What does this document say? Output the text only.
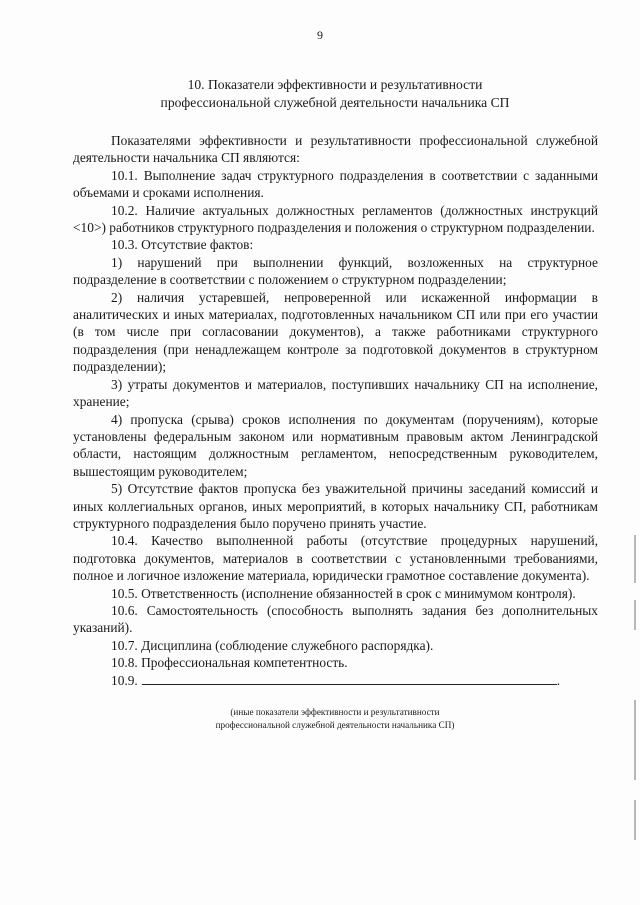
9
10. Показатели эффективности и результативности
профессиональной служебной деятельности начальника СП

Показателями эффективности и результативности профессиональной служебной деятельности начальника СП являются:

10.1. Выполнение задач структурного подразделения в соответствии с заданными объемами и сроками исполнения.

10.2. Наличие актуальных должностных регламентов (должностных инструкций <10>) работников структурного подразделения и положения о структурном подразделении.

10.3. Отсутствие фактов:

1) нарушений при выполнении функций, возложенных на структурное подразделение в соответствии с положением о структурном подразделении;

2) наличия устаревшей, непроверенной или искаженной информации в аналитических и иных материалах, подготовленных начальником СП или при его участии (в том числе при согласовании документов), а также работниками структурного подразделения (при ненадлежащем контроле за подготовкой документов в структурном подразделении);

3) утраты документов и материалов, поступивших начальнику СП на исполнение, хранение;

4) пропуска (срыва) сроков исполнения по документам (поручениям), которые установлены федеральным законом или нормативным правовым актом Ленинградской области, настоящим должностным регламентом, непосредственным руководителем, вышестоящим руководителем;

5) Отсутствие фактов пропуска без уважительной причины заседаний комиссий и иных коллегиальных органов, иных мероприятий, в которых начальнику СП, работникам структурного подразделения было поручено принять участие.

10.4. Качество выполненной работы (отсутствие процедурных нарушений, подготовка документов, материалов в соответствии с установленными требованиями, полное и логичное изложение материала, юридически грамотное составление документа).

10.5. Ответственность (исполнение обязанностей в срок с минимумом контроля).

10.6. Самостоятельность (способность выполнять задания без дополнительных указаний).

10.7. Дисциплина (соблюдение служебного распорядка).

10.8. Профессиональная компетентность.

10.9.	.

(иные показатели эффективности и результативности
профессиональной служебной деятельности начальника СП)
